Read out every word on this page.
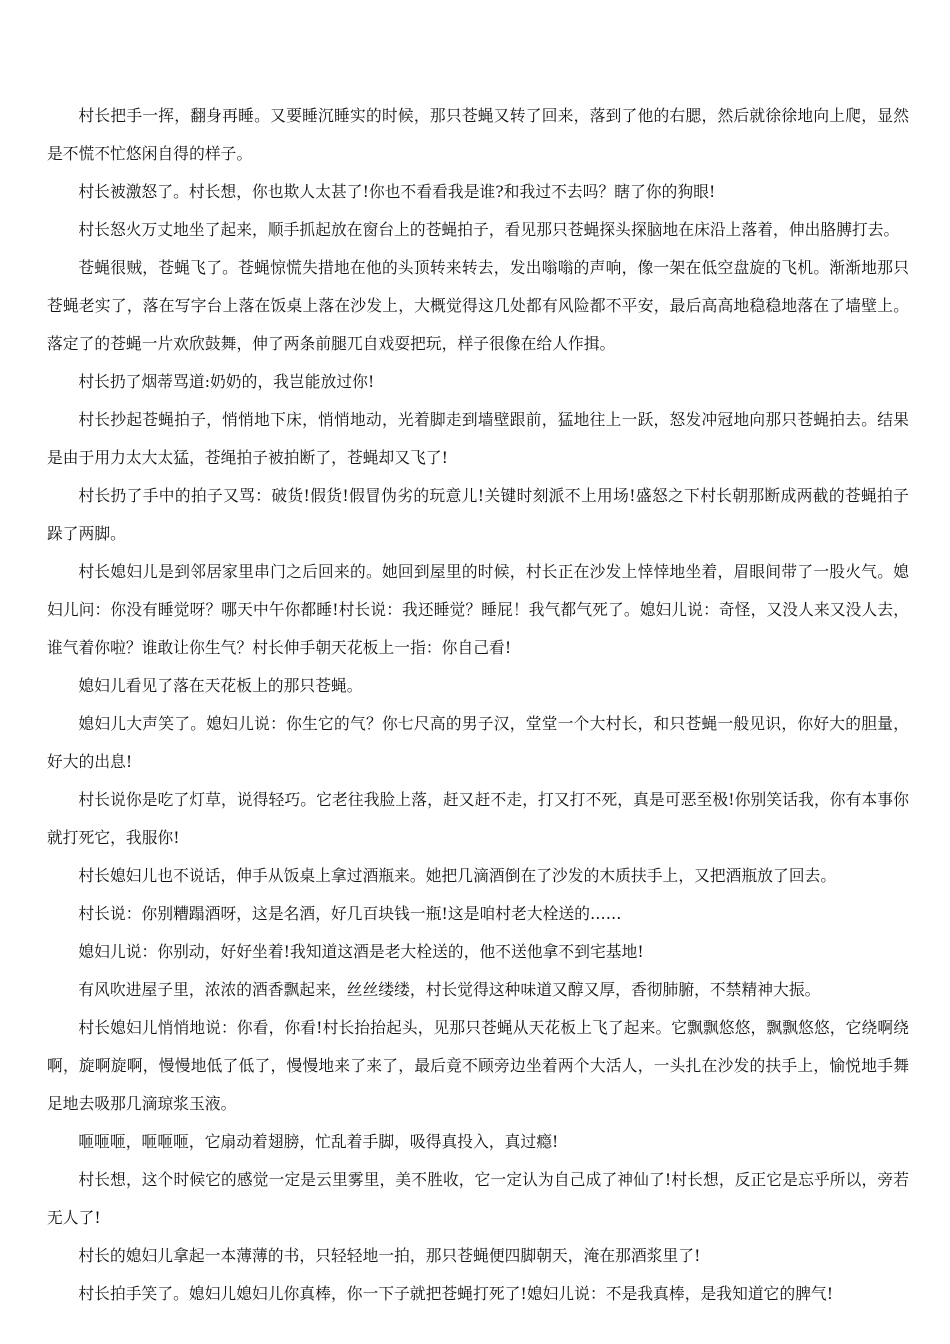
村长把手一挥，翻身再睡。又要睡沉睡实的时候，那只苍蝇又转了回来，落到了他的右腮，然后就徐徐地向上爬，显然是不慌不忙悠闲自得的样子。

村长被激怒了。村长想，你也欺人太甚了!你也不看看我是谁?和我过不去吗？瞎了你的狗眼!

村长怒火万丈地坐了起来，顺手抓起放在窗台上的苍蝇拍子，看见那只苍蝇探头探脑地在床沿上落着，伸出胳膊打去。

苍蝇很贼，苍蝇飞了。苍蝇惊慌失措地在他的头顶转来转去，发出嗡嗡的声响，像一架在低空盘旋的飞机。渐渐地那只苍蝇老实了，落在写字台上落在饭桌上落在沙发上，大概觉得这几处都有风险都不平安，最后高高地稳稳地落在了墙壁上。落定了的苍蝇一片欢欣鼓舞，伸了两条前腿兀自戏耍把玩，样子很像在给人作揖。

村长扔了烟蒂骂道:奶奶的，我岂能放过你!

村长抄起苍蝇拍子，悄悄地下床，悄悄地动，光着脚走到墙壁跟前，猛地往上一跃，怒发冲冠地向那只苍蝇拍去。结果是由于用力太大太猛，苍绳拍子被拍断了，苍蝇却又飞了!

村长扔了手中的拍子又骂：破货!假货!假冒伪劣的玩意儿!关键时刻派不上用场!盛怒之下村长朝那断成两截的苍蝇拍子跺了两脚。

村长媳妇儿是到邻居家里串门之后回来的。她回到屋里的时候，村长正在沙发上悻悻地坐着，眉眼间带了一股火气。媳妇儿问：你没有睡觉呀？哪天中午你都睡!村长说：我还睡觉？睡屁！我气都气死了。媳妇儿说：奇怪，又没人来又没人去，谁气着你啦？谁敢让你生气？村长伸手朝天花板上一指：你自己看!

媳妇儿看见了落在天花板上的那只苍蝇。

媳妇儿大声笑了。媳妇儿说：你生它的气？你七尺高的男子汉，堂堂一个大村长，和只苍蝇一般见识，你好大的胆量，好大的出息!

村长说你是吃了灯草，说得轻巧。它老往我脸上落，赶又赶不走，打又打不死，真是可恶至极!你别笑话我，你有本事你就打死它，我服你!

村长媳妇儿也不说话，伸手从饭桌上拿过酒瓶来。她把几滴酒倒在了沙发的木质扶手上，又把酒瓶放了回去。

村长说：你别糟蹋酒呀，这是名酒，好几百块钱一瓶!这是咱村老大栓送的……

媳妇儿说：你别动，好好坐着!我知道这酒是老大栓送的，他不送他拿不到宅基地!

有风吹进屋子里，浓浓的酒香飘起来，丝丝缕缕，村长觉得这种味道又醇又厚，香彻肺腑，不禁精神大振。

村长媳妇儿悄悄地说：你看，你看!村长抬抬起头，见那只苍蝇从天花板上飞了起来。它飘飘悠悠，飘飘悠悠，它绕啊绕啊，旋啊旋啊，慢慢地低了低了，慢慢地来了来了，最后竟不顾旁边坐着两个大活人，一头扎在沙发的扶手上，愉悦地手舞足地去吸那几滴琼浆玉液。

咂咂咂，咂咂咂，它扇动着翅膀，忙乱着手脚，吸得真投入，真过瘾!

村长想，这个时候它的感觉一定是云里雾里，美不胜收，它一定认为自己成了神仙了!村长想，反正它是忘乎所以，旁若无人了!

村长的媳妇儿拿起一本薄薄的书，只轻轻地一拍，那只苍蝇便四脚朝天，淹在那酒浆里了!

村长拍手笑了。媳妇儿媳妇儿你真棒，你一下子就把苍蝇打死了!媳妇儿说：不是我真棒，是我知道它的脾气!
